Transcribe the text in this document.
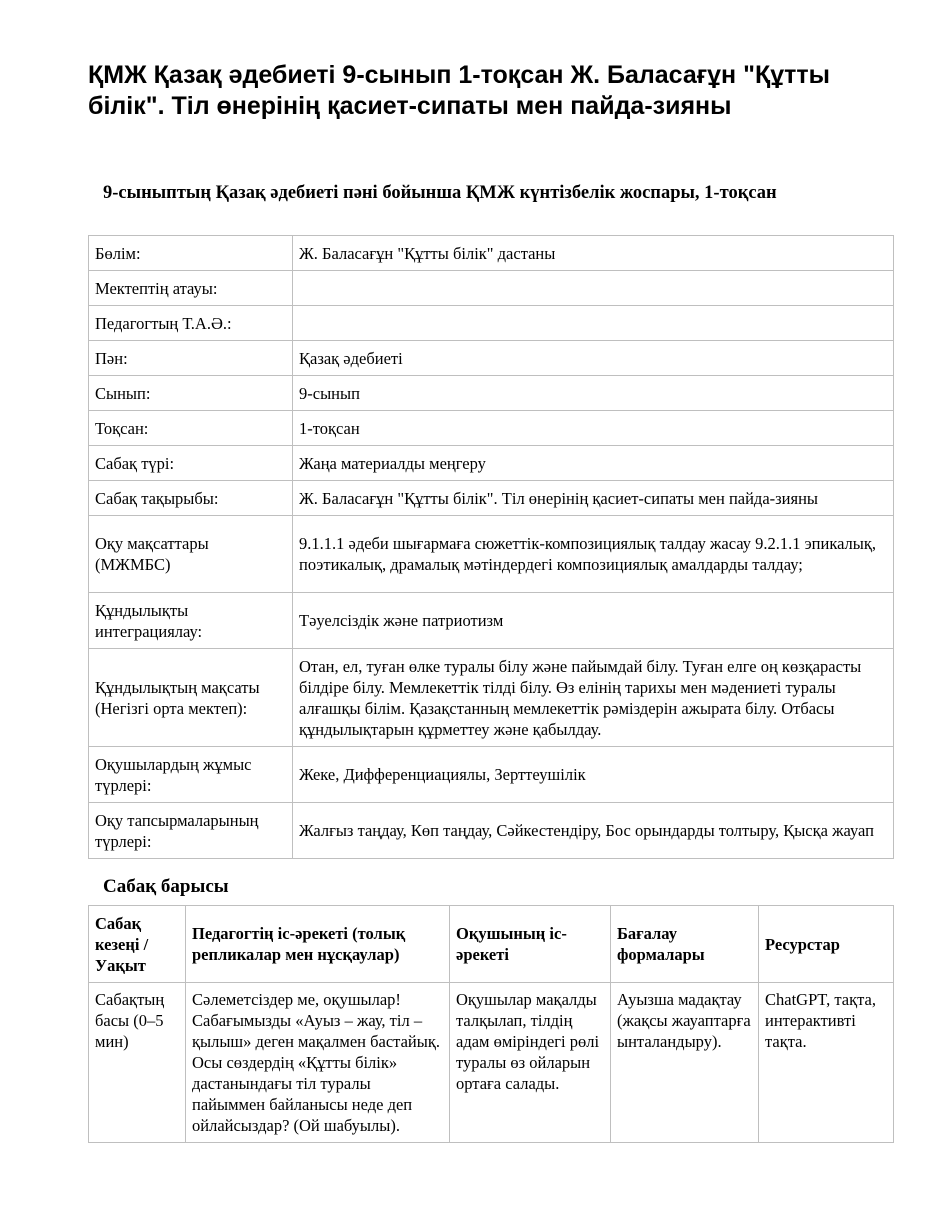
ҚМЖ Қазақ әдебиеті 9-сынып 1-тоқсан Ж. Баласағұн "Құтты білік". Тіл өнерінің қасиет-сипаты мен пайда-зияны
9-сыныптың Қазақ әдебиеті пәні бойынша ҚМЖ күнтізбелік жоспары, 1-тоқсан
Бөлім:	Ж. Баласағұн "Құтты білік" дастаны
Мектептің атауы:	
Педагогтың Т.А.Ә.:	
Пән:	Қазақ әдебиеті
Сынып:	9-сынып
Тоқсан:	1-тоқсан
Сабақ түрі:	Жаңа материалды меңгеру
Сабақ тақырыбы:	Ж. Баласағұн "Құтты білік". Тіл өнерінің қасиет-сипаты мен пайда-зияны
Оқу мақсаттары (МЖМБС)	9.1.1.1 әдеби шығармаға сюжеттік-композициялық талдау жасау 9.2.1.1 эпикалық, поэтикалық, драмалық мәтіндердегі композициялық амалдарды талдау;
Құндылықты интеграциялау:	Тәуелсіздік және патриотизм
Құндылықтың мақсаты (Негізгі орта мектеп):	Отан, ел, туған өлке туралы білу және пайымдай білу. Туған елге оң көзқарасты білдіре білу. Мемлекеттік тілді білу. Өз елінің тарихы мен мәдениеті туралы алғашқы білім. Қазақстанның мемлекеттік рәміздерін ажырата білу. Отбасы құндылықтарын құрметтеу және қабылдау.
Оқушылардың жұмыс түрлері:	Жеке, Дифференциациялы, Зерттеушілік
Оқу тапсырмаларының түрлері:	Жалғыз таңдау, Көп таңдау, Сәйкестендіру, Бос орындарды толтыру, Қысқа жауап
Сабақ барысы
Сабақ кезеңі / Уақыт	Педагогтің іс-әрекеті (толық репликалар мен нұсқаулар)	Оқушының іс-әрекеті	Бағалау формалары	Ресурстар
Сабақтың басы (0–5 мин)	Сәлеметсіздер ме, оқушылар! Сабағымызды «Ауыз – жау, тіл – қылыш» деген мақалмен бастайық. Осы сөздердің «Құтты білік» дастанындағы тіл туралы пайыммен байланысы неде деп ойлайсыздар? (Ой шабуылы).	Оқушылар мақалды талқылап, тілдің адам өміріндегі рөлі туралы өз ойларын ортаға салады.	Ауызша мадақтау (жақсы жауаптарға ынталандыру).	ChatGPT, тақта, интерактивті тақта.
